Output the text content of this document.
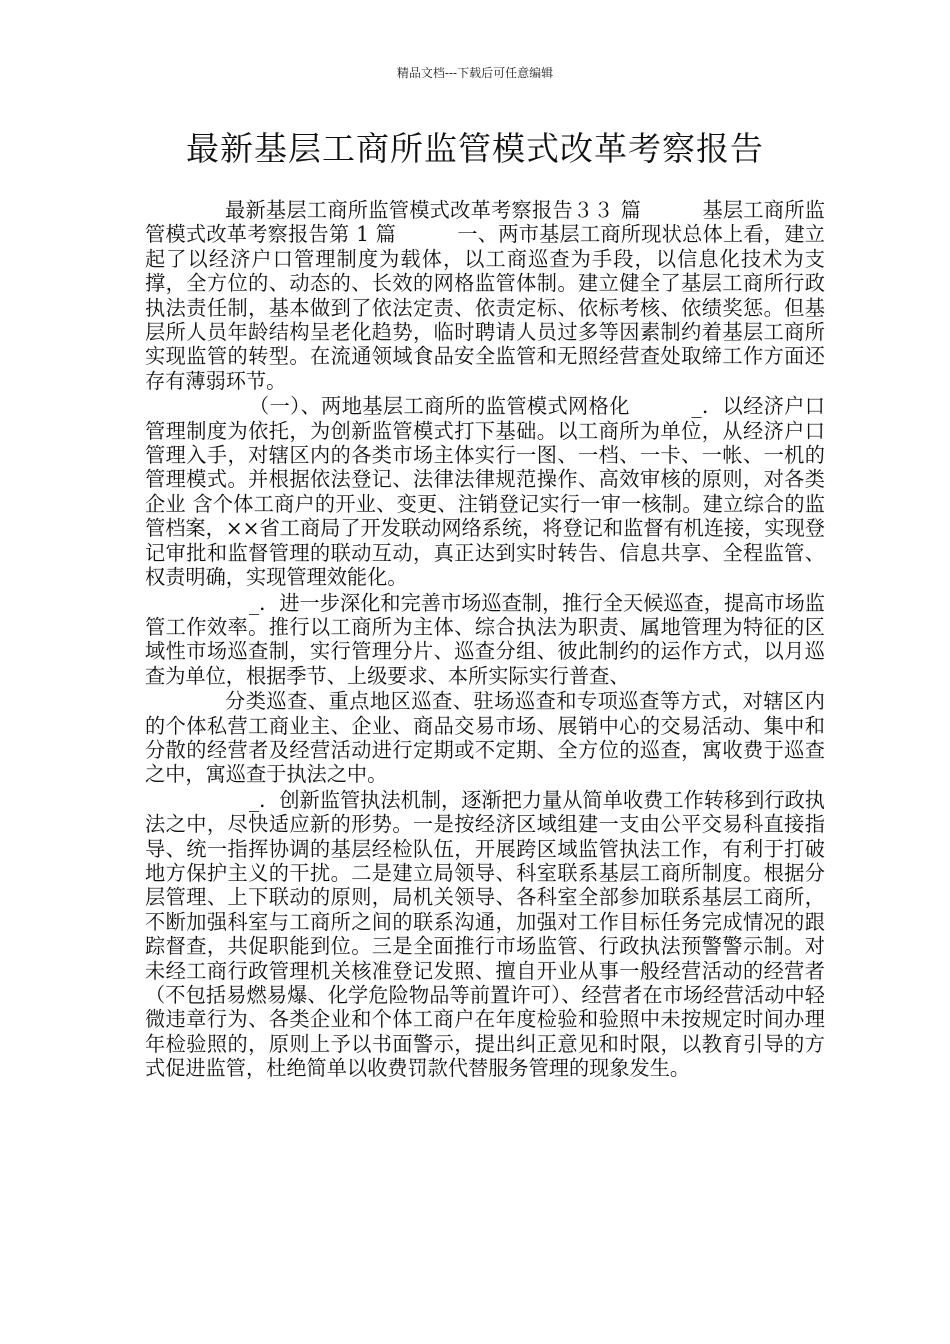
精品文档---下载后可任意编辑
最新基层工商所监管模式改革考察报告

最新基层工商所监管模式改革考察报告３３ 篇　　　基层工商所监管模式改革考察报告第 1 篇　　　一、两市基层工商所现状总体上看，建立起了以经济户口管理制度为载体，以工商巡查为手段，以信息化技术为支撑，全方位的、动态的、长效的网格监管体制。建立健全了基层工商所行政执法责任制，基本做到了依法定责、依责定标、依标考核、依绩奖惩。但基层所人员年龄结构呈老化趋势，临时聘请人员过多等因素制约着基层工商所实现监管的转型。在流通领域食品安全监管和无照经营查处取缔工作方面还存有薄弱环节。

（一）、两地基层工商所的监管模式网格化　　　_．以经济户口管理制度为依托，为创新监管模式打下基础。以工商所为单位，从经济户口管理入手，对辖区内的各类市场主体实行一图、一档、一卡、一帐、一机的管理模式。并根据依法登记、法律法律规范操作、高效审核的原则，对各类企业 含个体工商户的开业、变更、注销登记实行一审一核制。建立综合的监管档案，××省工商局了开发联动网络系统，将登记和监督有机连接，实现登记审批和监督管理的联动互动，真正达到实时转告、信息共享、全程监管、权责明确，实现管理效能化。

_．进一步深化和完善市场巡查制，推行全天候巡查，提高市场监管工作效率。推行以工商所为主体、综合执法为职责、属地管理为特征的区域性市场巡查制，实行管理分片、巡查分组、彼此制约的运作方式，以月巡查为单位，根据季节、上级要求、本所实际实行普查、

分类巡查、重点地区巡查、驻场巡查和专项巡查等方式，对辖区内的个体私营工商业主、企业、商品交易市场、展销中心的交易活动、集中和分散的经营者及经营活动进行定期或不定期、全方位的巡查，寓收费于巡查之中，寓巡查于执法之中。

_．创新监管执法机制，逐渐把力量从简单收费工作转移到行政执法之中，尽快适应新的形势。一是按经济区域组建一支由公平交易科直接指导、统一指挥协调的基层经检队伍，开展跨区域监管执法工作，有利于打破地方保护主义的干扰。二是建立局领导、科室联系基层工商所制度。根据分层管理、上下联动的原则，局机关领导、各科室全部参加联系基层工商所，不断加强科室与工商所之间的联系沟通，加强对工作目标任务完成情况的跟踪督查，共促职能到位。三是全面推行市场监管、行政执法预警警示制。对未经工商行政管理机关核准登记发照、擅自开业从事一般经营活动的经营者（不包括易燃易爆、化学危险物品等前置许可）、经营者在市场经营活动中轻微违章行为、各类企业和个体工商户在年度检验和验照中未按规定时间办理年检验照的，原则上予以书面警示，提出纠正意见和时限，以教育引导的方式促进监管，杜绝简单以收费罚款代替服务管理的现象发生。
